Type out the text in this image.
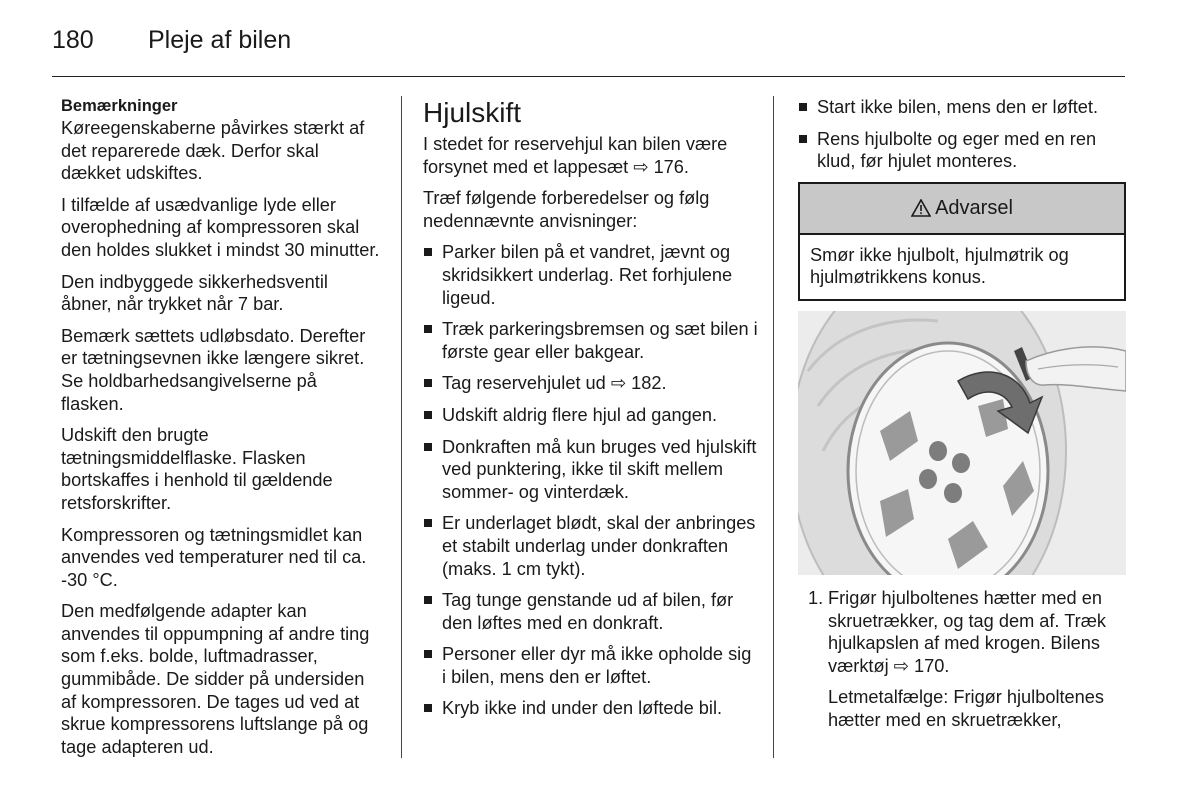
180 Pleje af bilen
Bemærkninger

Køreegenskaberne påvirkes stærkt af det reparerede dæk. Derfor skal dækket udskiftes.

I tilfælde af usædvanlige lyde eller overophedning af kompressoren skal den holdes slukket i mindst 30 minutter.

Den indbyggede sikkerhedsventil åbner, når trykket når 7 bar.

Bemærk sættets udløbsdato. Derefter er tætningsevnen ikke længere sikret. Se holdbarhedsangivelserne på flasken.

Udskift den brugte tætningsmiddelflaske. Flasken bortskaffes i henhold til gældende retsforskrifter.

Kompressoren og tætningsmidlet kan anvendes ved temperaturer ned til ca. -30 °C.

Den medfølgende adapter kan anvendes til oppumpning af andre ting som f.eks. bolde, luftmadrasser, gummibåde. De sidder på undersiden af kompressoren. De tages ud ved at skrue kompressorens luftslange på og tage adapteren ud.

Hjulskift

I stedet for reservehjul kan bilen være forsynet med et lappesæt ⇨ 176.

Træf følgende forberedelser og følg nedennævnte anvisninger:

Parker bilen på et vandret, jævnt og skridsikkert underlag. Ret forhjulene ligeud.
Træk parkeringsbremsen og sæt bilen i første gear eller bakgear.
Tag reservehjulet ud ⇨ 182.
Udskift aldrig flere hjul ad gangen.
Donkraften må kun bruges ved hjulskift ved punktering, ikke til skift mellem sommer- og vinterdæk.
Er underlaget blødt, skal der anbringes et stabilt underlag under donkraften (maks. 1 cm tykt).
Tag tunge genstande ud af bilen, før den løftes med en donkraft.
Personer eller dyr må ikke opholde sig i bilen, mens den er løftet.
Kryb ikke ind under den løftede bil.
Start ikke bilen, mens den er løftet.
Rens hjulbolte og eger med en ren klud, før hjulet monteres.
Advarsel
Smør ikke hjulbolt, hjulmøtrik og hjulmøtrikkens konus.
1. Frigør hjulboltenes hætter med en skruetrækker, og tag dem af. Træk hjulkapslen af med krogen. Bilens værktøj ⇨ 170.
Letmetalfælge: Frigør hjulboltenes hætter med en skruetrækker,
